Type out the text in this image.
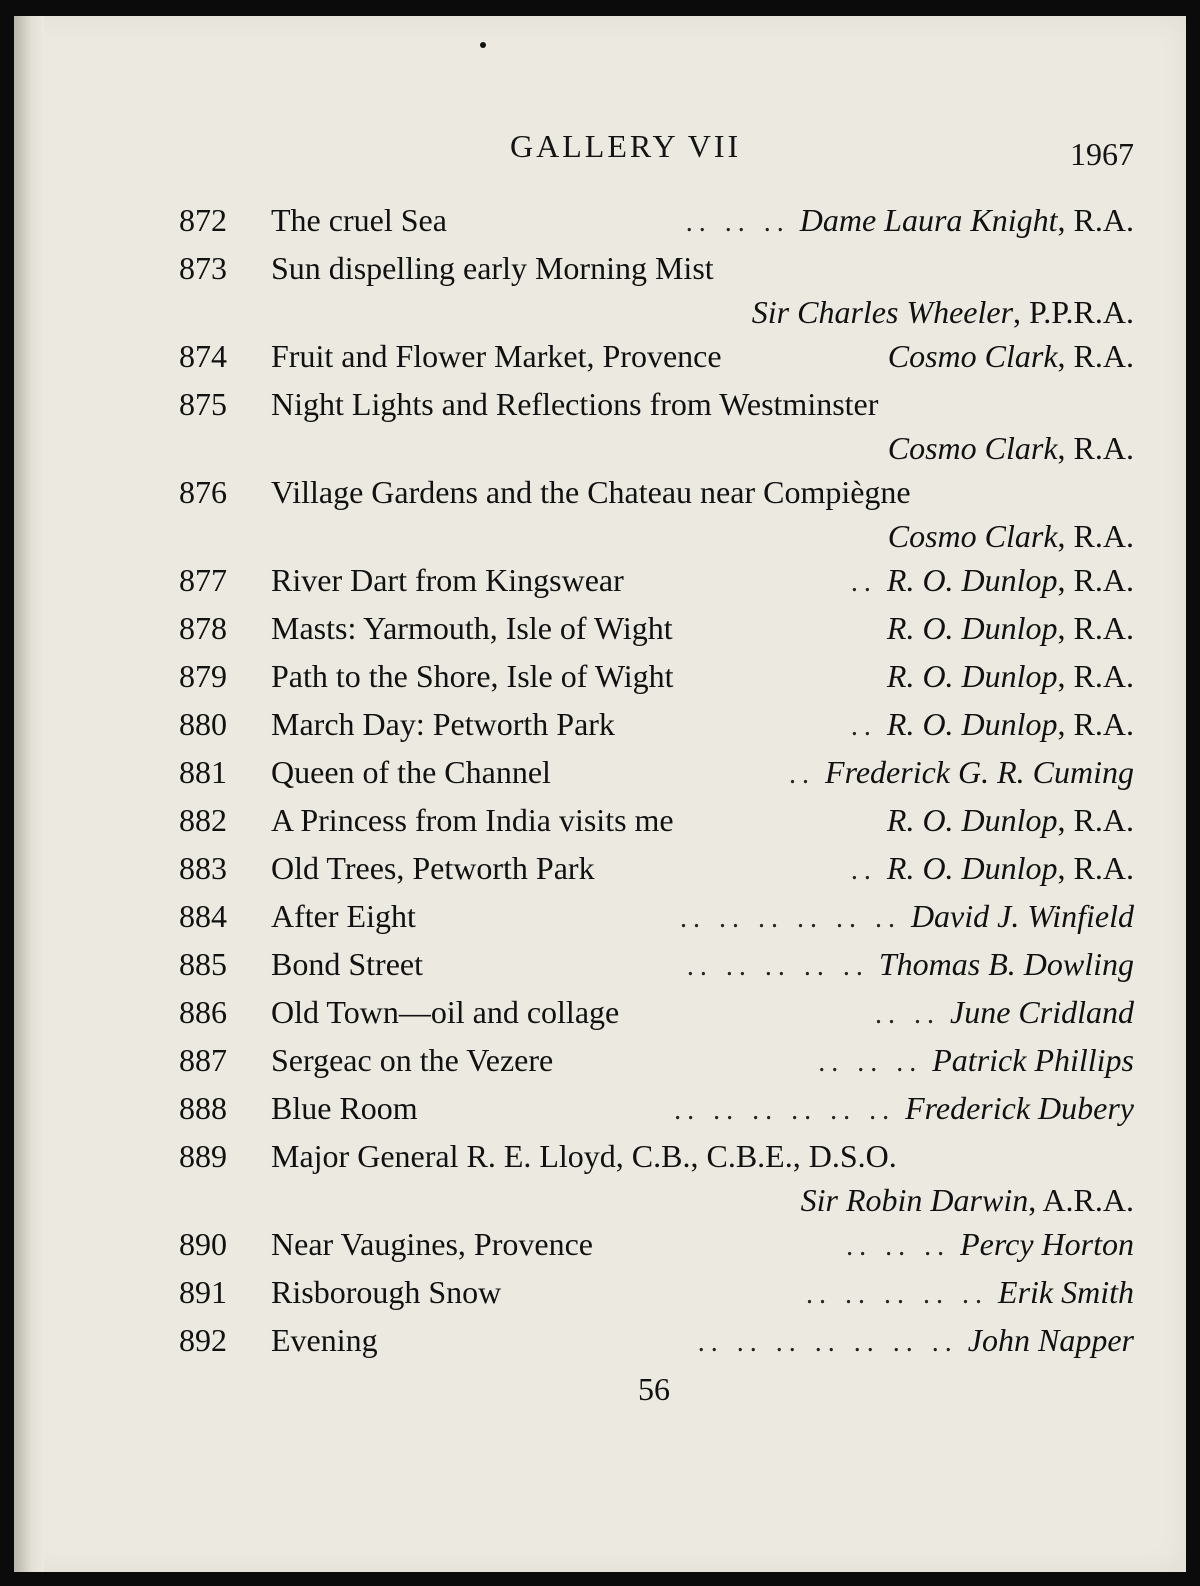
GALLERY VII	1967
872	The cruel Sea	.. .. .. Dame Laura Knight, R.A.
873	Sun dispelling early Morning Mist
Sir Charles Wheeler, P.P.R.A.
874	Fruit and Flower Market, Provence	Cosmo Clark, R.A.
875	Night Lights and Reflections from Westminster
Cosmo Clark, R.A.
876	Village Gardens and the Chateau near Compiègne
Cosmo Clark, R.A.
877	River Dart from Kingswear	.. R. O. Dunlop, R.A.
878	Masts: Yarmouth, Isle of Wight	R. O. Dunlop, R.A.
879	Path to the Shore, Isle of Wight	R. O. Dunlop, R.A.
880	March Day: Petworth Park	.. R. O. Dunlop, R.A.
881	Queen of the Channel	.. Frederick G. R. Cuming
882	A Princess from India visits me	R. O. Dunlop, R.A.
883	Old Trees, Petworth Park	.. R. O. Dunlop, R.A.
884	After Eight	.. .. .. .. .. .. David J. Winfield
885	Bond Street	.. .. .. .. .. Thomas B. Dowling
886	Old Town—oil and collage	.. .. June Cridland
887	Sergeac on the Vezere	.. .. .. Patrick Phillips
888	Blue Room	.. .. .. .. .. .. Frederick Dubery
889	Major General R. E. Lloyd, C.B., C.B.E., D.S.O.
Sir Robin Darwin, A.R.A.
890	Near Vaugines, Provence	.. .. .. Percy Horton
891	Risborough Snow	.. .. .. .. .. Erik Smith
892	Evening	.. .. .. .. .. .. .. John Napper
56
